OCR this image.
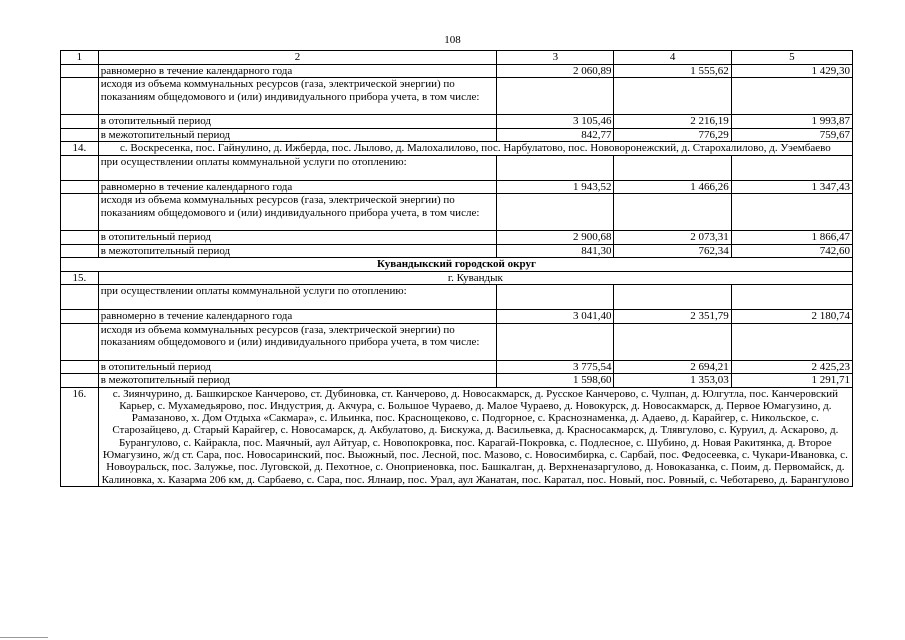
108
1	2	3	4	5
	равномерно в течение календарного года	2 060,89	1 555,62	1 429,30
	исходя из объема коммунальных ресурсов (газа, электрической энергии) по показаниям общедомового и (или) индивидуального прибора учета, в том числе:			
	в отопительный период	3 105,46	2 216,19	1 993,87
	в межотопительный период	842,77	776,29	759,67
14.	с. Воскресенка, пос. Гайнулино, д. Ижберда, пос. Лылово, д. Малохалилово, пос. Нарбулатово, пос. Нововоронежский, д. Старохалилово, д. Уэембаево			
	при осуществлении оплаты коммунальной услуги по отоплению:			
	равномерно в течение календарного года	1 943,52	1 466,26	1 347,43
	исходя из объема коммунальных ресурсов (газа, электрической энергии) по показаниям общедомового и (или) индивидуального прибора учета, в том числе:			
	в отопительный период	2 900,68	2 073,31	1 866,47
	в межотопительный период	841,30	762,34	742,60
Кувандыкский городской округ				
15.	г. Кувандык			
	при осуществлении оплаты коммунальной услуги по отоплению:			
	равномерно в течение календарного года	3 041,40	2 351,79	2 180,74
	исходя из объема коммунальных ресурсов (газа, электрической энергии) по показаниям общедомового и (или) индивидуального прибора учета, в том числе:			
	в отопительный период	3 775,54	2 694,21	2 425,23
	в межотопительный период	1 598,60	1 353,03	1 291,71
16.	с. Зиянчурино, д. Башкирское Канчерово, ст. Дубиновка, ст. Канчерово, д. Новосакмарск, д. Русское Канчерово, с. Чулпан, д. Юлгутла, пос. Канчеровский Карьер, с. Мухамедьярово, пос. Индустрия, д. Акчура, с. Большое Чураево, д. Малое Чураево, д. Новокурск, д. Новосакмарск, д. Первое Юмагузино, д. Рамазаново, х. Дом Отдыха «Сакмара», с. Ильинка, пос. Краснощеково, с. Подгорное, с. Краснознаменка, д. Адаево, д. Карайгер, с. Никольское, с. Старозайцево, д. Старый Карайгер, с. Новосамарск, д. Акбулатово, д. Бискужа, д. Васильевка, д. Красносакмарск, д. Тлявгулово, с. Куруил, д. Аскарово, д. Бурангулово, с. Кайракла, пос. Маячный, аул Айтуар, с. Новопокровка, пос. Карагай-Покровка, с. Подлесное, с. Шубино, д. Новая Ракитянка, д. Второе Юмагузино, ж/д ст. Сара, пос. Новосаринский, пос. Выожный, пос. Лесной, пос. Мазово, с. Новосимбирка, с. Сарбай, пос. Федосеевка, с. Чукари-Ивановка, с. Новоуральск, пос. Залужье, пос. Луговской, д. Пехотное, с. Оноприеновка, пос. Башкалган, д. Верхненазаргулово, д. Новоказанка, с. Поим, д. Первомайск, д. Калиновка, х. Казарма 206 км, д. Сарбаево, с. Сара, пос. Ялнаир, пос. Урал, аул Жанатан, пос. Каратал, пос. Новый, пос. Ровный, с. Чеботарево, д. Барангулово			
